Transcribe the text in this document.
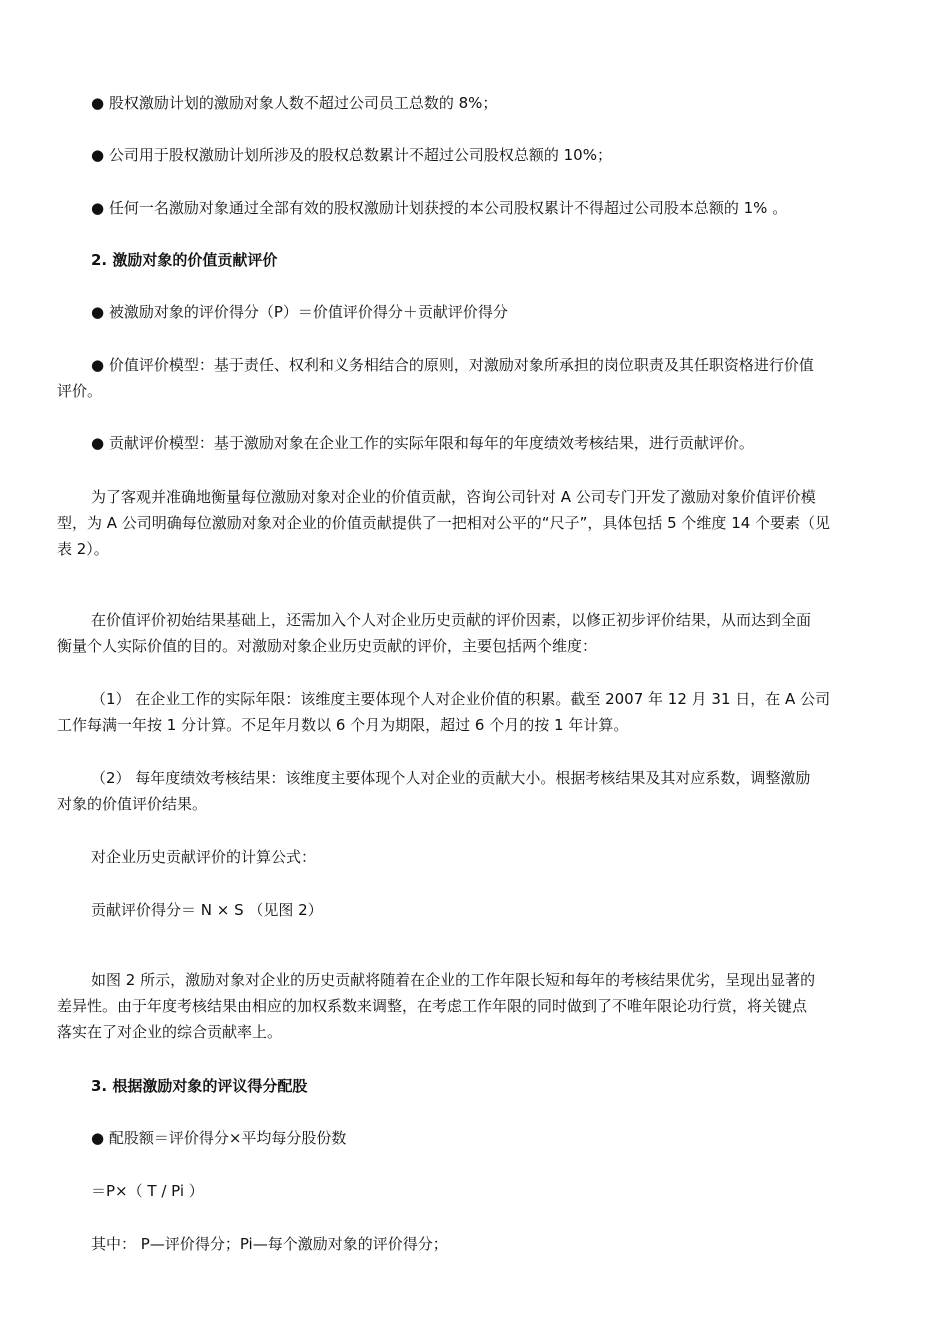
● 股权激励计划的激励对象人数不超过公司员工总数的 8%；

● 公司用于股权激励计划所涉及的股权总数累计不超过公司股权总额的 10%；

● 任何一名激励对象通过全部有效的股权激励计划获授的本公司股权累计不得超过公司股本总额的 1% 。

2. 激励对象的价值贡献评价

● 被激励对象的评价得分（P）＝价值评价得分＋贡献评价得分

● 价值评价模型：基于责任、权利和义务相结合的原则，对激励对象所承担的岗位职责及其任职资格进行价值

评价。

● 贡献评价模型：基于激励对象在企业工作的实际年限和每年的年度绩效考核结果，进行贡献评价。

为了客观并准确地衡量每位激励对象对企业的价值贡献，咨询公司针对 A 公司专门开发了激励对象价值评价模

型，为 A 公司明确每位激励对象对企业的价值贡献提供了一把相对公平的“尺子”，具体包括 5 个维度 14 个要素（见

表 2）。

在价值评价初始结果基础上，还需加入个人对企业历史贡献的评价因素，以修正初步评价结果，从而达到全面

衡量个人实际价值的目的。对激励对象企业历史贡献的评价，主要包括两个维度：

（1） 在企业工作的实际年限：该维度主要体现个人对企业价值的积累。截至 2007 年 12 月 31 日，在 A 公司

工作每满一年按 1 分计算。不足年月数以 6 个月为期限，超过 6 个月的按 1 年计算。

（2） 每年度绩效考核结果：该维度主要体现个人对企业的贡献大小。根据考核结果及其对应系数，调整激励

对象的价值评价结果。

对企业历史贡献评价的计算公式：

贡献评价得分＝ N × S （见图 2）

如图 2 所示，激励对象对企业的历史贡献将随着在企业的工作年限长短和每年的考核结果优劣，呈现出显著的

差异性。由于年度考核结果由相应的加权系数来调整，在考虑工作年限的同时做到了不唯年限论功行赏，将关键点

落实在了对企业的综合贡献率上。

3. 根据激励对象的评议得分配股

● 配股额＝评价得分×平均每分股份数

＝P×（ T / Pi ）

其中： P—评价得分；Pi—每个激励对象的评价得分；
